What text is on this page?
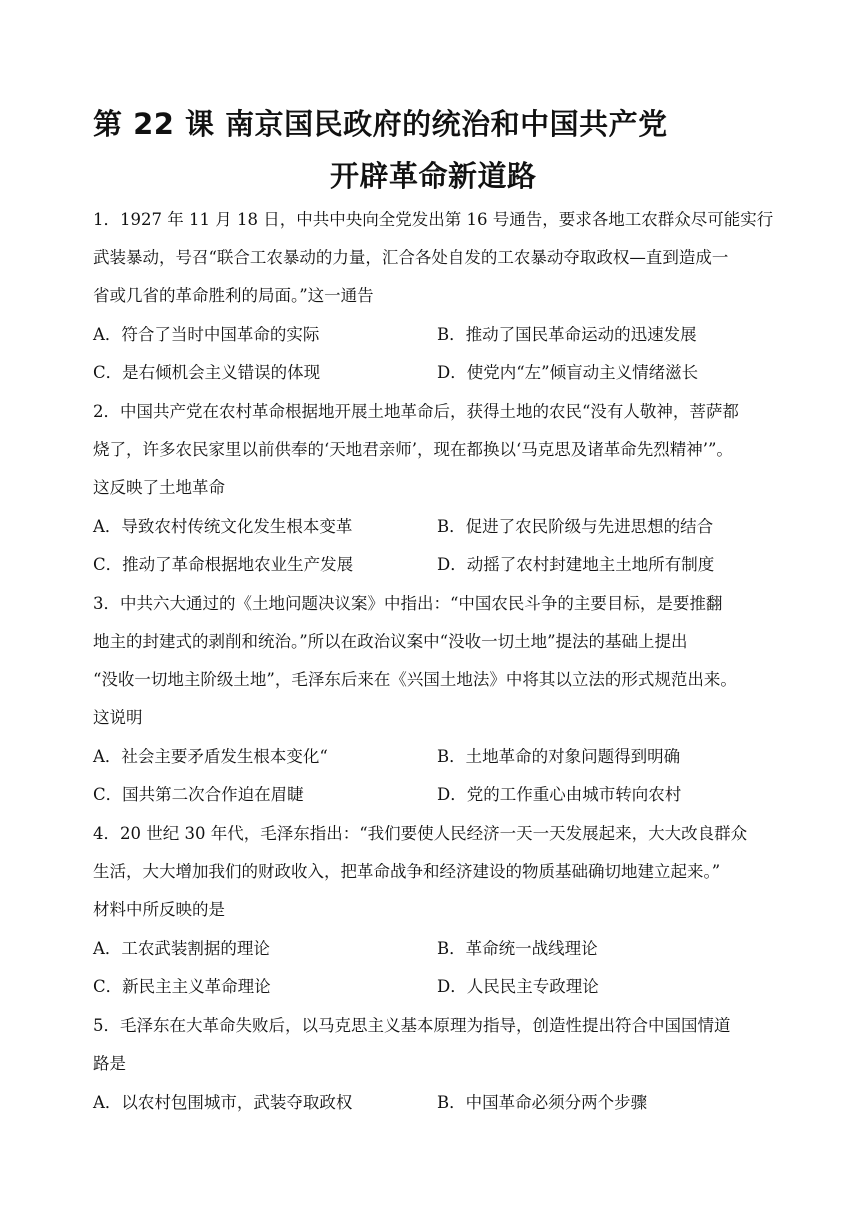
第 22 课 南京国民政府的统治和中国共产党
开辟革命新道路
1．1927 年 11 月 18 日，中共中央向全党发出第 16 号通告，要求各地工农群众尽可能实行
武装暴动，号召“联合工农暴动的力量，汇合各处自发的工农暴动夺取政权—直到造成一
省或几省的革命胜利的局面。”这一通告
A．符合了当时中国革命的实际	B．推动了国民革命运动的迅速发展
C．是右倾机会主义错误的体现	D．使党内“左”倾盲动主义情绪滋长
2．中国共产党在农村革命根据地开展土地革命后，获得土地的农民“没有人敬神，菩萨都
烧了，许多农民家里以前供奉的‘天地君亲师’，现在都换以‘马克思及诸革命先烈精神’”。
这反映了土地革命
A．导致农村传统文化发生根本变革	B．促进了农民阶级与先进思想的结合
C．推动了革命根据地农业生产发展	D．动摇了农村封建地主土地所有制度
3．中共六大通过的《土地问题决议案》中指出：“中国农民斗争的主要目标，是要推翻
地主的封建式的剥削和统治。”所以在政治议案中“没收一切土地”提法的基础上提出
“没收一切地主阶级土地”，毛泽东后来在《兴国土地法》中将其以立法的形式规范出来。
这说明
A．社会主要矛盾发生根本变化“	B．土地革命的对象问题得到明确
C．国共第二次合作迫在眉睫	D．党的工作重心由城市转向农村
4．20 世纪 30 年代，毛泽东指出：“我们要使人民经济一天一天发展起来，大大改良群众
生活，大大增加我们的财政收入，把革命战争和经济建设的物质基础确切地建立起来。”
材料中所反映的是
A．工农武装割据的理论	B．革命统一战线理论
C．新民主主义革命理论	D．人民民主专政理论
5．毛泽东在大革命失败后，以马克思主义基本原理为指导，创造性提出符合中国国情道
路是
A．以农村包围城市，武装夺取政权	B．中国革命必须分两个步骤
